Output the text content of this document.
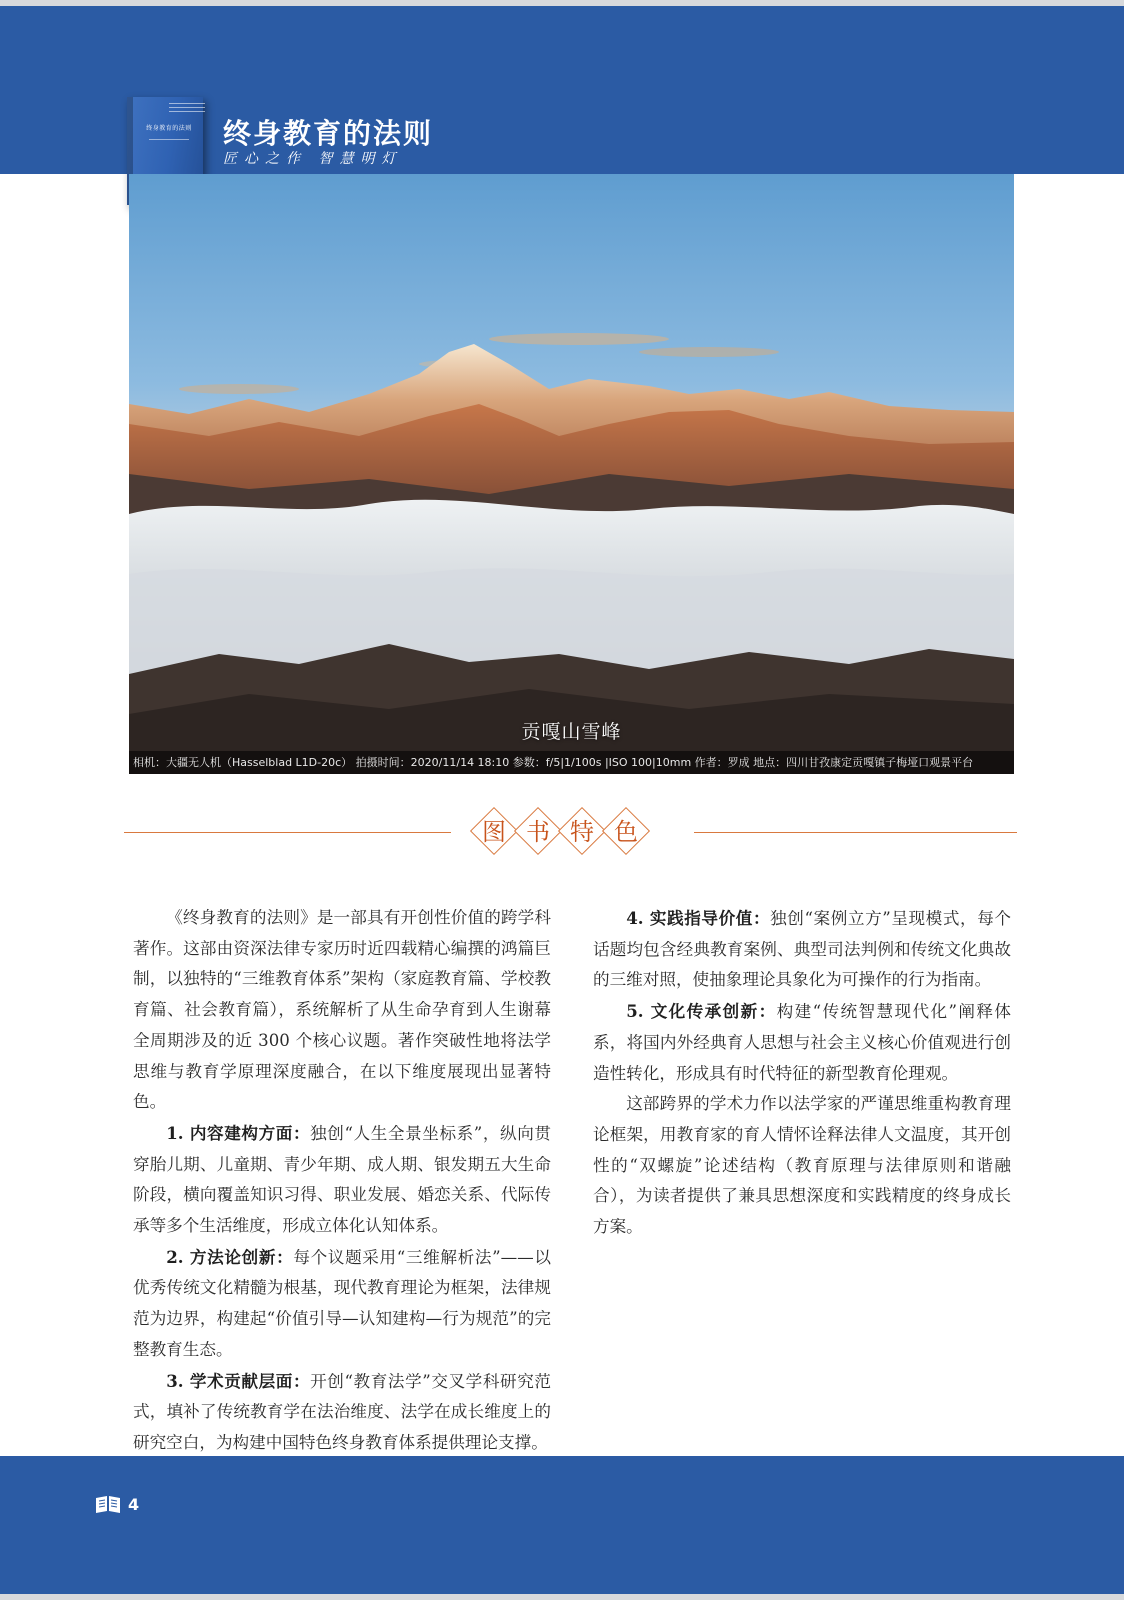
终身教育的法则 终身教育的法则

匠心之作 智慧明灯

贡嘎山雪峰
相机：大疆无人机（Hasselblad L1D-20c） 拍摄时间：2020/11/14 18:10 参数：f/5|1/100s |ISO 100|10mm 作者：罗成 地点：四川甘孜康定贡嘎镇子梅垭口观景平台
图 书 特 色

《终身教育的法则》是一部具有开创性价值的跨学科著作。这部由资深法律专家历时近四载精心编撰的鸿篇巨制，以独特的“三维教育体系”架构（家庭教育篇、学校教育篇、社会教育篇），系统解析了从生命孕育到人生谢幕全周期涉及的近 300 个核心议题。著作突破性地将法学思维与教育学原理深度融合，在以下维度展现出显著特色。

1. 内容建构方面：独创“人生全景坐标系”，纵向贯穿胎儿期、儿童期、青少年期、成人期、银发期五大生命阶段，横向覆盖知识习得、职业发展、婚恋关系、代际传承等多个生活维度，形成立体化认知体系。

2. 方法论创新：每个议题采用“三维解析法”——以优秀传统文化精髓为根基，现代教育理论为框架，法律规范为边界，构建起“价值引导—认知建构—行为规范”的完整教育生态。

3. 学术贡献层面：开创“教育法学”交叉学科研究范式，填补了传统教育学在法治维度、法学在成长维度上的研究空白，为构建中国特色终身教育体系提供理论支撑。

4. 实践指导价值：独创“案例立方”呈现模式，每个话题均包含经典教育案例、典型司法判例和传统文化典故的三维对照，使抽象理论具象化为可操作的行为指南。

5. 文化传承创新：构建“传统智慧现代化”阐释体系，将国内外经典育人思想与社会主义核心价值观进行创造性转化，形成具有时代特征的新型教育伦理观。

这部跨界的学术力作以法学家的严谨思维重构教育理论框架，用教育家的育人情怀诠释法律人文温度，其开创性的“双螺旋”论述结构（教育原理与法律原则和谐融合），为读者提供了兼具思想深度和实践精度的终身成长方案。

4
